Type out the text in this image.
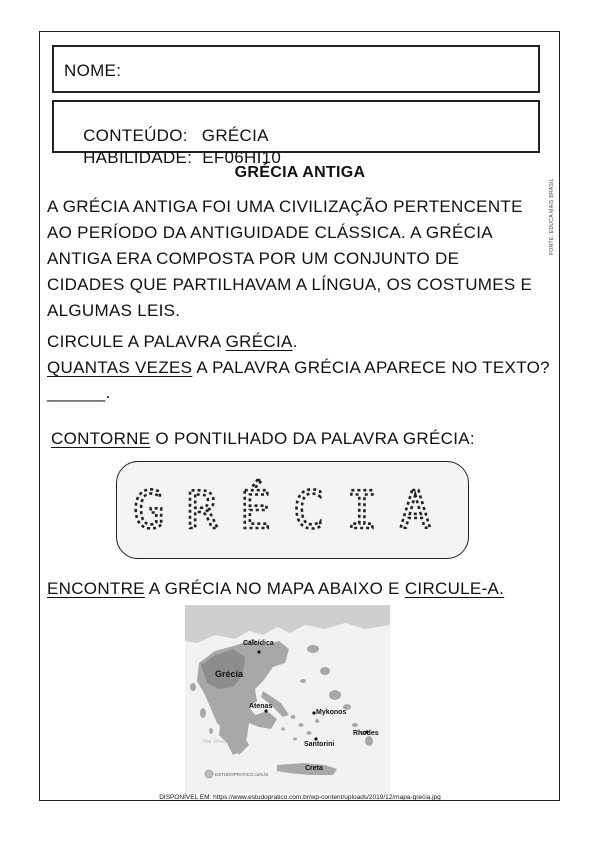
NOME:

CONTEÚDO: GRÉCIA

HABILIDADE: EF06HI10

GRÉCIA ANTIGA
FONTE: EDUCA MAIS BRASIL
A GRÉCIA ANTIGA FOI UMA CIVILIZAÇÃO PERTENCENTE
AO PERÍODO DA ANTIGUIDADE CLÁSSICA. A GRÉCIA
ANTIGA ERA COMPOSTA POR UM CONJUNTO DE
CIDADES QUE PARTILHAVAM A LÍNGUA, OS COSTUMES E
ALGUMAS LEIS.
CIRCULE A PALAVRA GRÉCIA.
QUANTAS VEZES A PALAVRA GRÉCIA APARECE NO TEXTO?
______.
CONTORNE O PONTILHADO DA PALAVRA GRÉCIA:
GRÉCIA
ENCONTRE A GRÉCIA NO MAPA ABAIXO E CIRCULE-A.
Calcídica
Grécia
Atenas
Mykonos
Rhodes
Santorini
Creta
Mar Jônico
ESTUDOPRATICO.com.br
DISPONÍVEL EM: https://www.estudopratico.com.br/wp-content/uploads/2019/12/mapa-grecia.jpg
